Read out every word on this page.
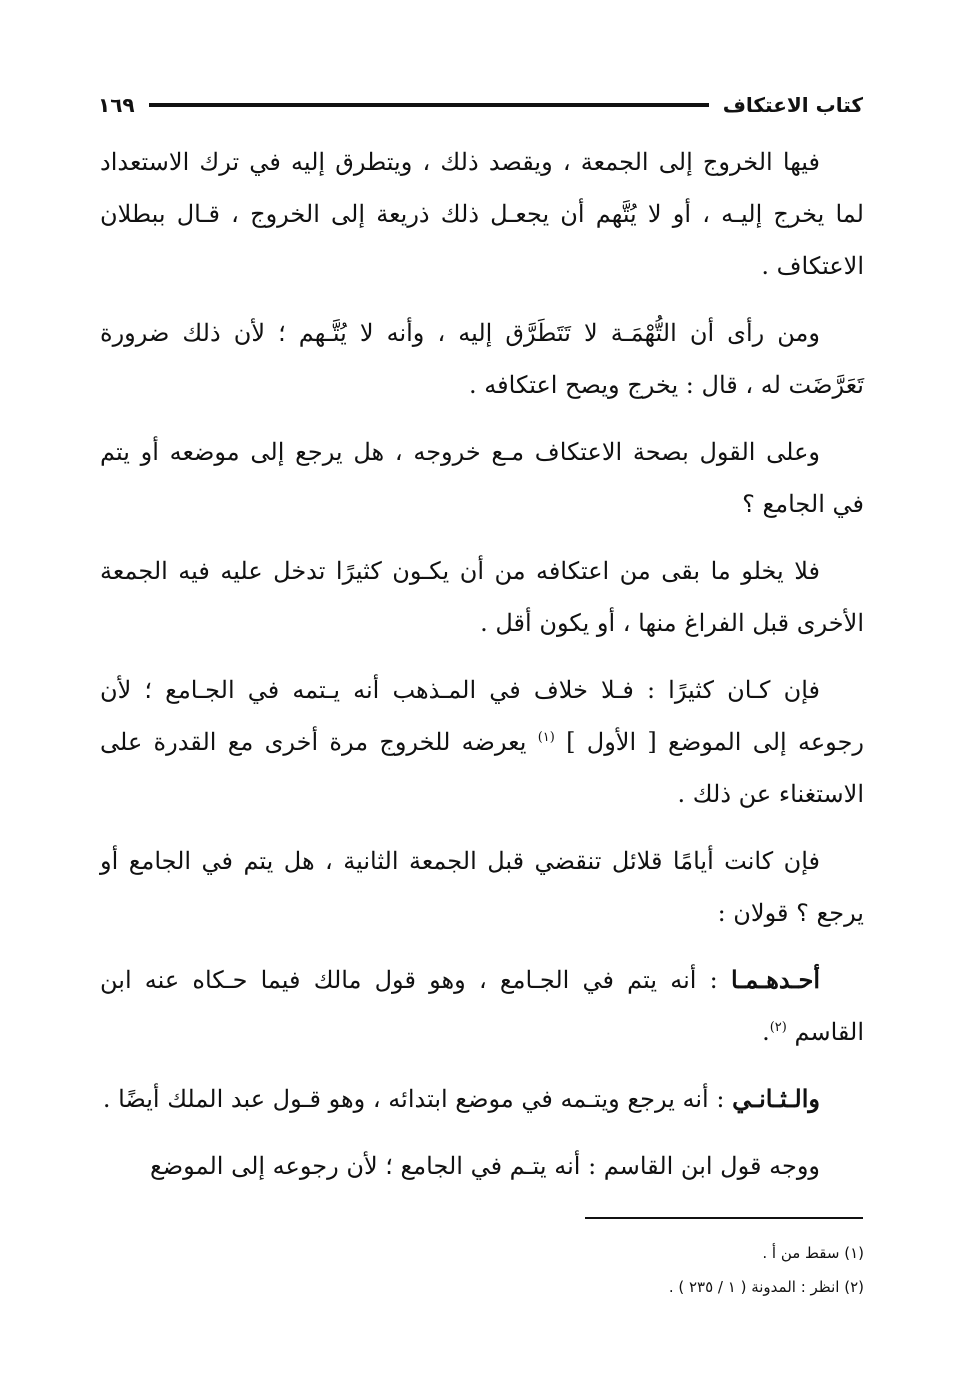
كتاب الاعتكاف
١٦٩

فيها الخروج إلى الجمعة ، ويقصد ذلك ، ويتطرق إليه في ترك الاستعداد لما يخرج إليـه ، أو لا يُتَّهم أن يجعـل ذلك ذريعة إلى الخروج ، قـال ببطلان الاعتكاف .

ومن رأى أن التُّهْمَـة لا تَتَطَرَّق إليه ، وأنه لا يُتَّـهم ؛ لأن ذلك ضرورة تَعَرَّضَت له ، قال : يخرج ويصح اعتكافه .

وعلى القول بصحة الاعتكاف مـع خروجه ، هل يرجع إلى موضعه أو يتم في الجامع ؟

فلا يخلو ما بقى من اعتكافه من أن يكـون كثيرًا تدخل عليه فيه الجمعة الأخرى قبل الفراغ منها ، أو يكون أقل .

فإن كـان كثيرًا : فـلا خلاف في المـذهب أنه يـتمه في الجـامع ؛ لأن رجوعه إلى الموضع [ الأول ] $^{(١)}$ يعرضه للخروج مرة أخرى مع القدرة على الاستغناء عن ذلك .

فإن كانت أيامًا قلائل تنقضي قبل الجمعة الثانية ، هل يتم في الجامع أو يرجع ؟ قولان :

أحـدهـمـا : أنه يتم في الجـامع ، وهو قول مالك فيما حـكاه عنه ابن القاسم $^{(٢)}$.

والـثـانـي : أنه يرجع ويتـمه في موضع ابتدائه ، وهو قـول عبد الملك أيضًا .

ووجه قول ابن القاسم : أنه يتـم في الجامع ؛ لأن رجوعه إلى الموضع

(١) سقط من أ .
(٢) انظر : المدونة ( ١ / ٢٣٥ ) .
